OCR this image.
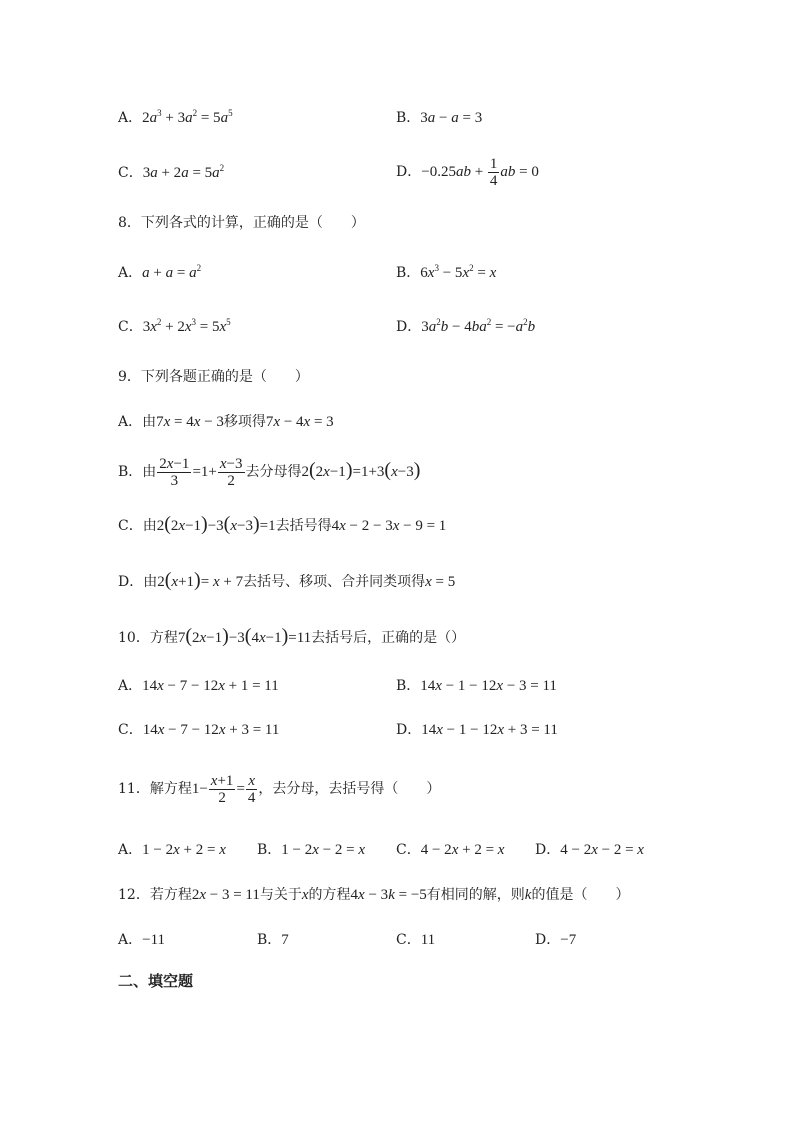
A．$2a^3 + 3a^2 = 5a^5$	B．3a − a = 3
C．$3a + 2a = 5a^2$	D．$-0.25ab + \frac{1}{4}$ ab = 0
8．下列各式的计算，正确的是（　　）
A．$a + a = a^2$	B．$6x^3 - 5x^2 = x$
C．$3x^2 + 2x^3 = 5x^5$	D．$3a^2b - 4ba^2 = -a^2b$
9．下列各题正确的是（　　）
A．由7x = 4x − 3移项得7x − 4x = 3
B．由 $\frac{2x-1}{3} =1+ \frac{x-3}{2}$ 去分母得2(2x−1)=1+3(x−3)
C．由2(2x−1)−3(x−3)=1去括号得4x − 2 − 3x − 9 = 1
D．由2(x+1)= x + 7去括号、移项、合并同类项得x = 5
10．方程7(2x−1)−3(4x−1)=11去括号后，正确的是（）
A．14x − 7 − 12x + 1 = 11	B．14x − 1 − 12x − 3 = 11
C．14x − 7 − 12x + 3 = 11	D．14x − 1 − 12x + 3 = 11
11．解方程$1- \frac{x+1}{2} = \frac{x}{4}$ ，去分母，去括号得（　　）
A．1 − 2x + 2 = x B．1 − 2x − 2 = x C．4 − 2x + 2 = x D．4 − 2x − 2 = x
12．若方程2x − 3 = 11与关于x的方程4x − 3k = −5有相同的解，则k的值是（　　）
A．−11	B．7	C．11	D．−7
二、填空题
